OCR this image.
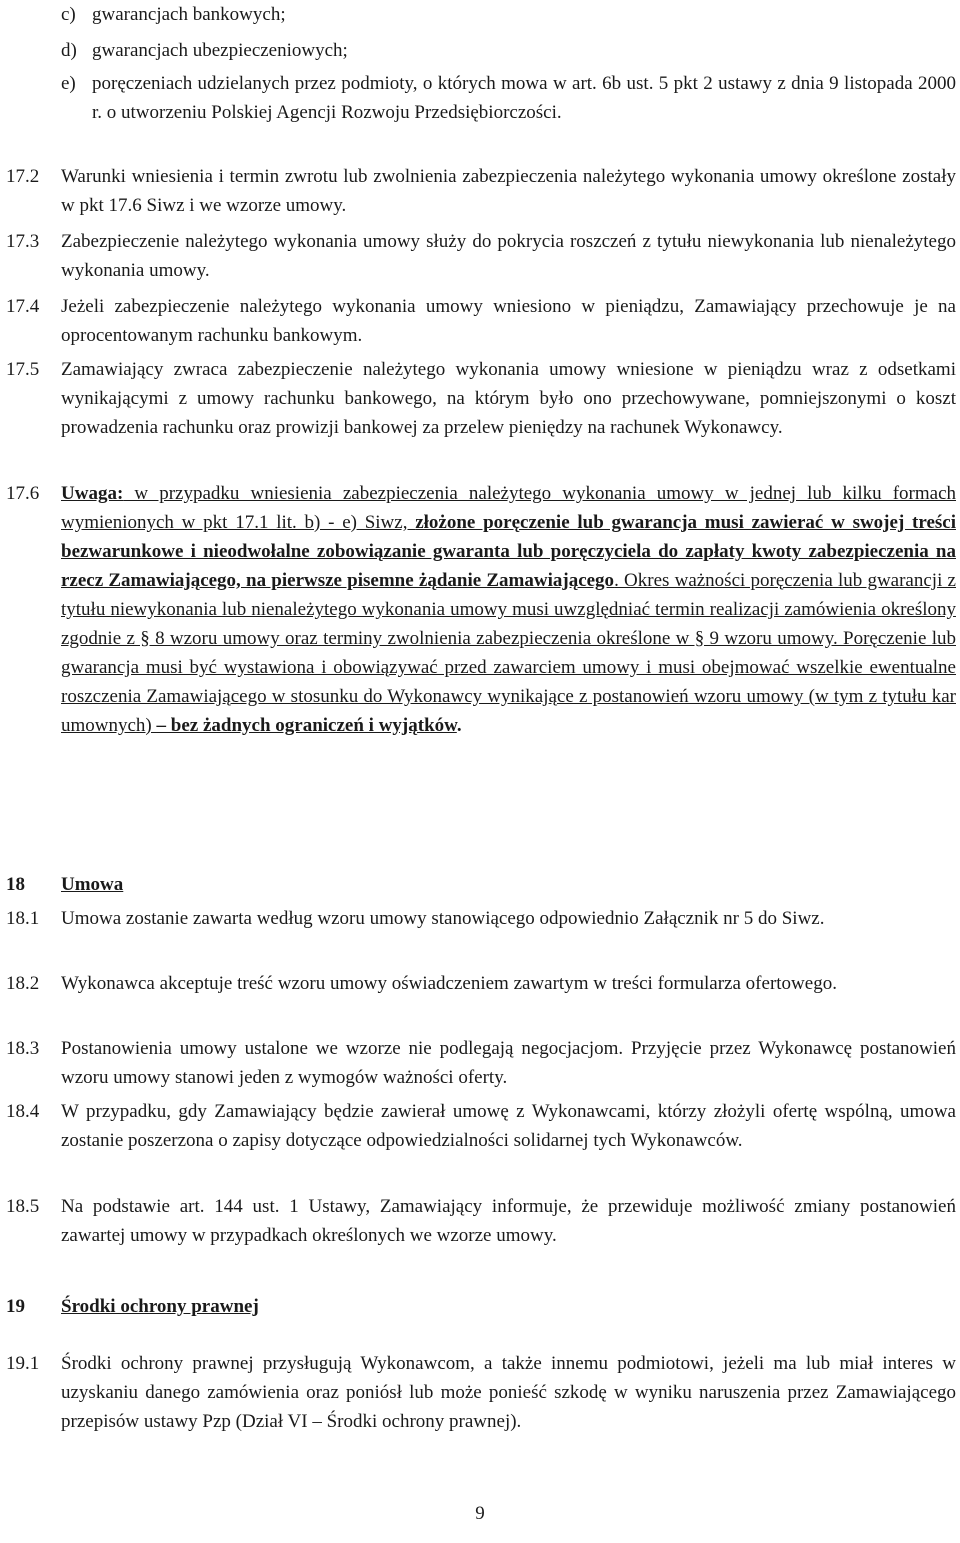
c) gwarancjach bankowych;
d) gwarancjach ubezpieczeniowych;
e) poręczeniach udzielanych przez podmioty, o których mowa w art. 6b ust. 5 pkt 2 ustawy z dnia 9 listopada 2000 r. o utworzeniu Polskiej Agencji Rozwoju Przedsiębiorczości.
17.2	Warunki wniesienia i termin zwrotu lub zwolnienia zabezpieczenia należytego wykonania umowy określone zostały w pkt 17.6 Siwz i we wzorze umowy.
17.3	Zabezpieczenie należytego wykonania umowy służy do pokrycia roszczeń z tytułu niewykonania lub nienależytego wykonania umowy.
17.4	Jeżeli zabezpieczenie należytego wykonania umowy wniesiono w pieniądzu, Zamawiający przechowuje je na oprocentowanym rachunku bankowym.
17.5	Zamawiający zwraca zabezpieczenie należytego wykonania umowy wniesione w pieniądzu wraz z odsetkami wynikającymi z umowy rachunku bankowego, na którym było ono przechowywane, pomniejszonymi o koszt prowadzenia rachunku oraz prowizji bankowej za przelew pieniędzy na rachunek Wykonawcy.
17.6	Uwaga: w przypadku wniesienia zabezpieczenia należytego wykonania umowy w jednej lub kilku formach wymienionych w pkt 17.1 lit. b) - e) Siwz, złożone poręczenie lub gwarancja musi zawierać w swojej treści bezwarunkowe i nieodwołalne zobowiązanie gwaranta lub poręczyciela do zapłaty kwoty zabezpieczenia na rzecz Zamawiającego, na pierwsze pisemne żądanie Zamawiającego. Okres ważności poręczenia lub gwarancji z tytułu niewykonania lub nienależytego wykonania umowy musi uwzględniać termin realizacji zamówienia określony zgodnie z § 8 wzoru umowy oraz terminy zwolnienia zabezpieczenia określone w § 9 wzoru umowy. Poręczenie lub gwarancja musi być wystawiona i obowiązywać przed zawarciem umowy i musi obejmować wszelkie ewentualne roszczenia Zamawiającego w stosunku do Wykonawcy wynikające z postanowień wzoru umowy (w tym z tytułu kar umownych) – bez żadnych ograniczeń i wyjątków.
18	Umowa
18.1	Umowa zostanie zawarta według wzoru umowy stanowiącego odpowiednio Załącznik nr 5 do Siwz.
18.2	Wykonawca akceptuje treść wzoru umowy oświadczeniem zawartym w treści formularza ofertowego.
18.3	Postanowienia umowy ustalone we wzorze nie podlegają negocjacjom. Przyjęcie przez Wykonawcę postanowień wzoru umowy stanowi jeden z wymogów ważności oferty.
18.4	W przypadku, gdy Zamawiający będzie zawierał umowę z Wykonawcami, którzy złożyli ofertę wspólną, umowa zostanie poszerzona o zapisy dotyczące odpowiedzialności solidarnej tych Wykonawców.
18.5	Na podstawie art. 144 ust. 1 Ustawy, Zamawiający informuje, że przewiduje możliwość zmiany postanowień zawartej umowy w przypadkach określonych we wzorze umowy.
19	Środki ochrony prawnej
19.1	Środki ochrony prawnej przysługują Wykonawcom, a także innemu podmiotowi, jeżeli ma lub miał interes w uzyskaniu danego zamówienia oraz poniósł lub może ponieść szkodę w wyniku naruszenia przez Zamawiającego przepisów ustawy Pzp (Dział VI – Środki ochrony prawnej).
9
